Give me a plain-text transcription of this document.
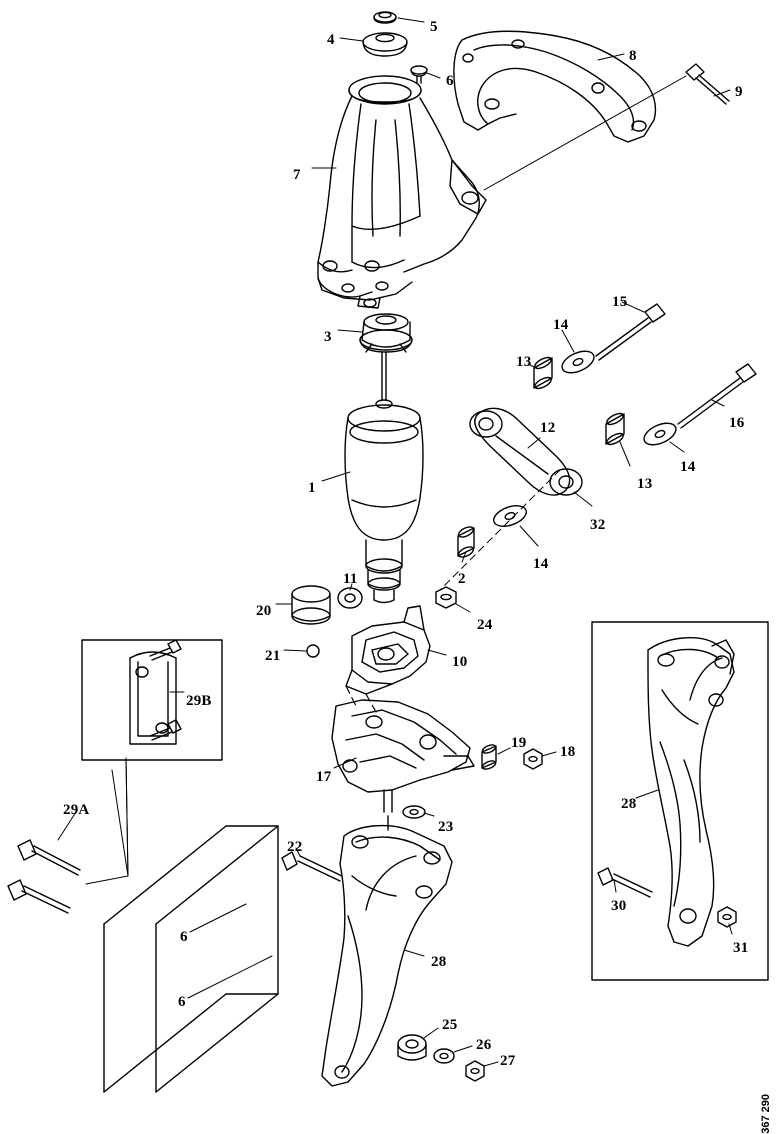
5
4
8
6
9
7
15
3
14
13
16
12
14
13
1
32
14
2
11
20
24
21	10
29B
19
18
17
28
29A
23
22
30
6
31
28
6
25
26
27
367 290
